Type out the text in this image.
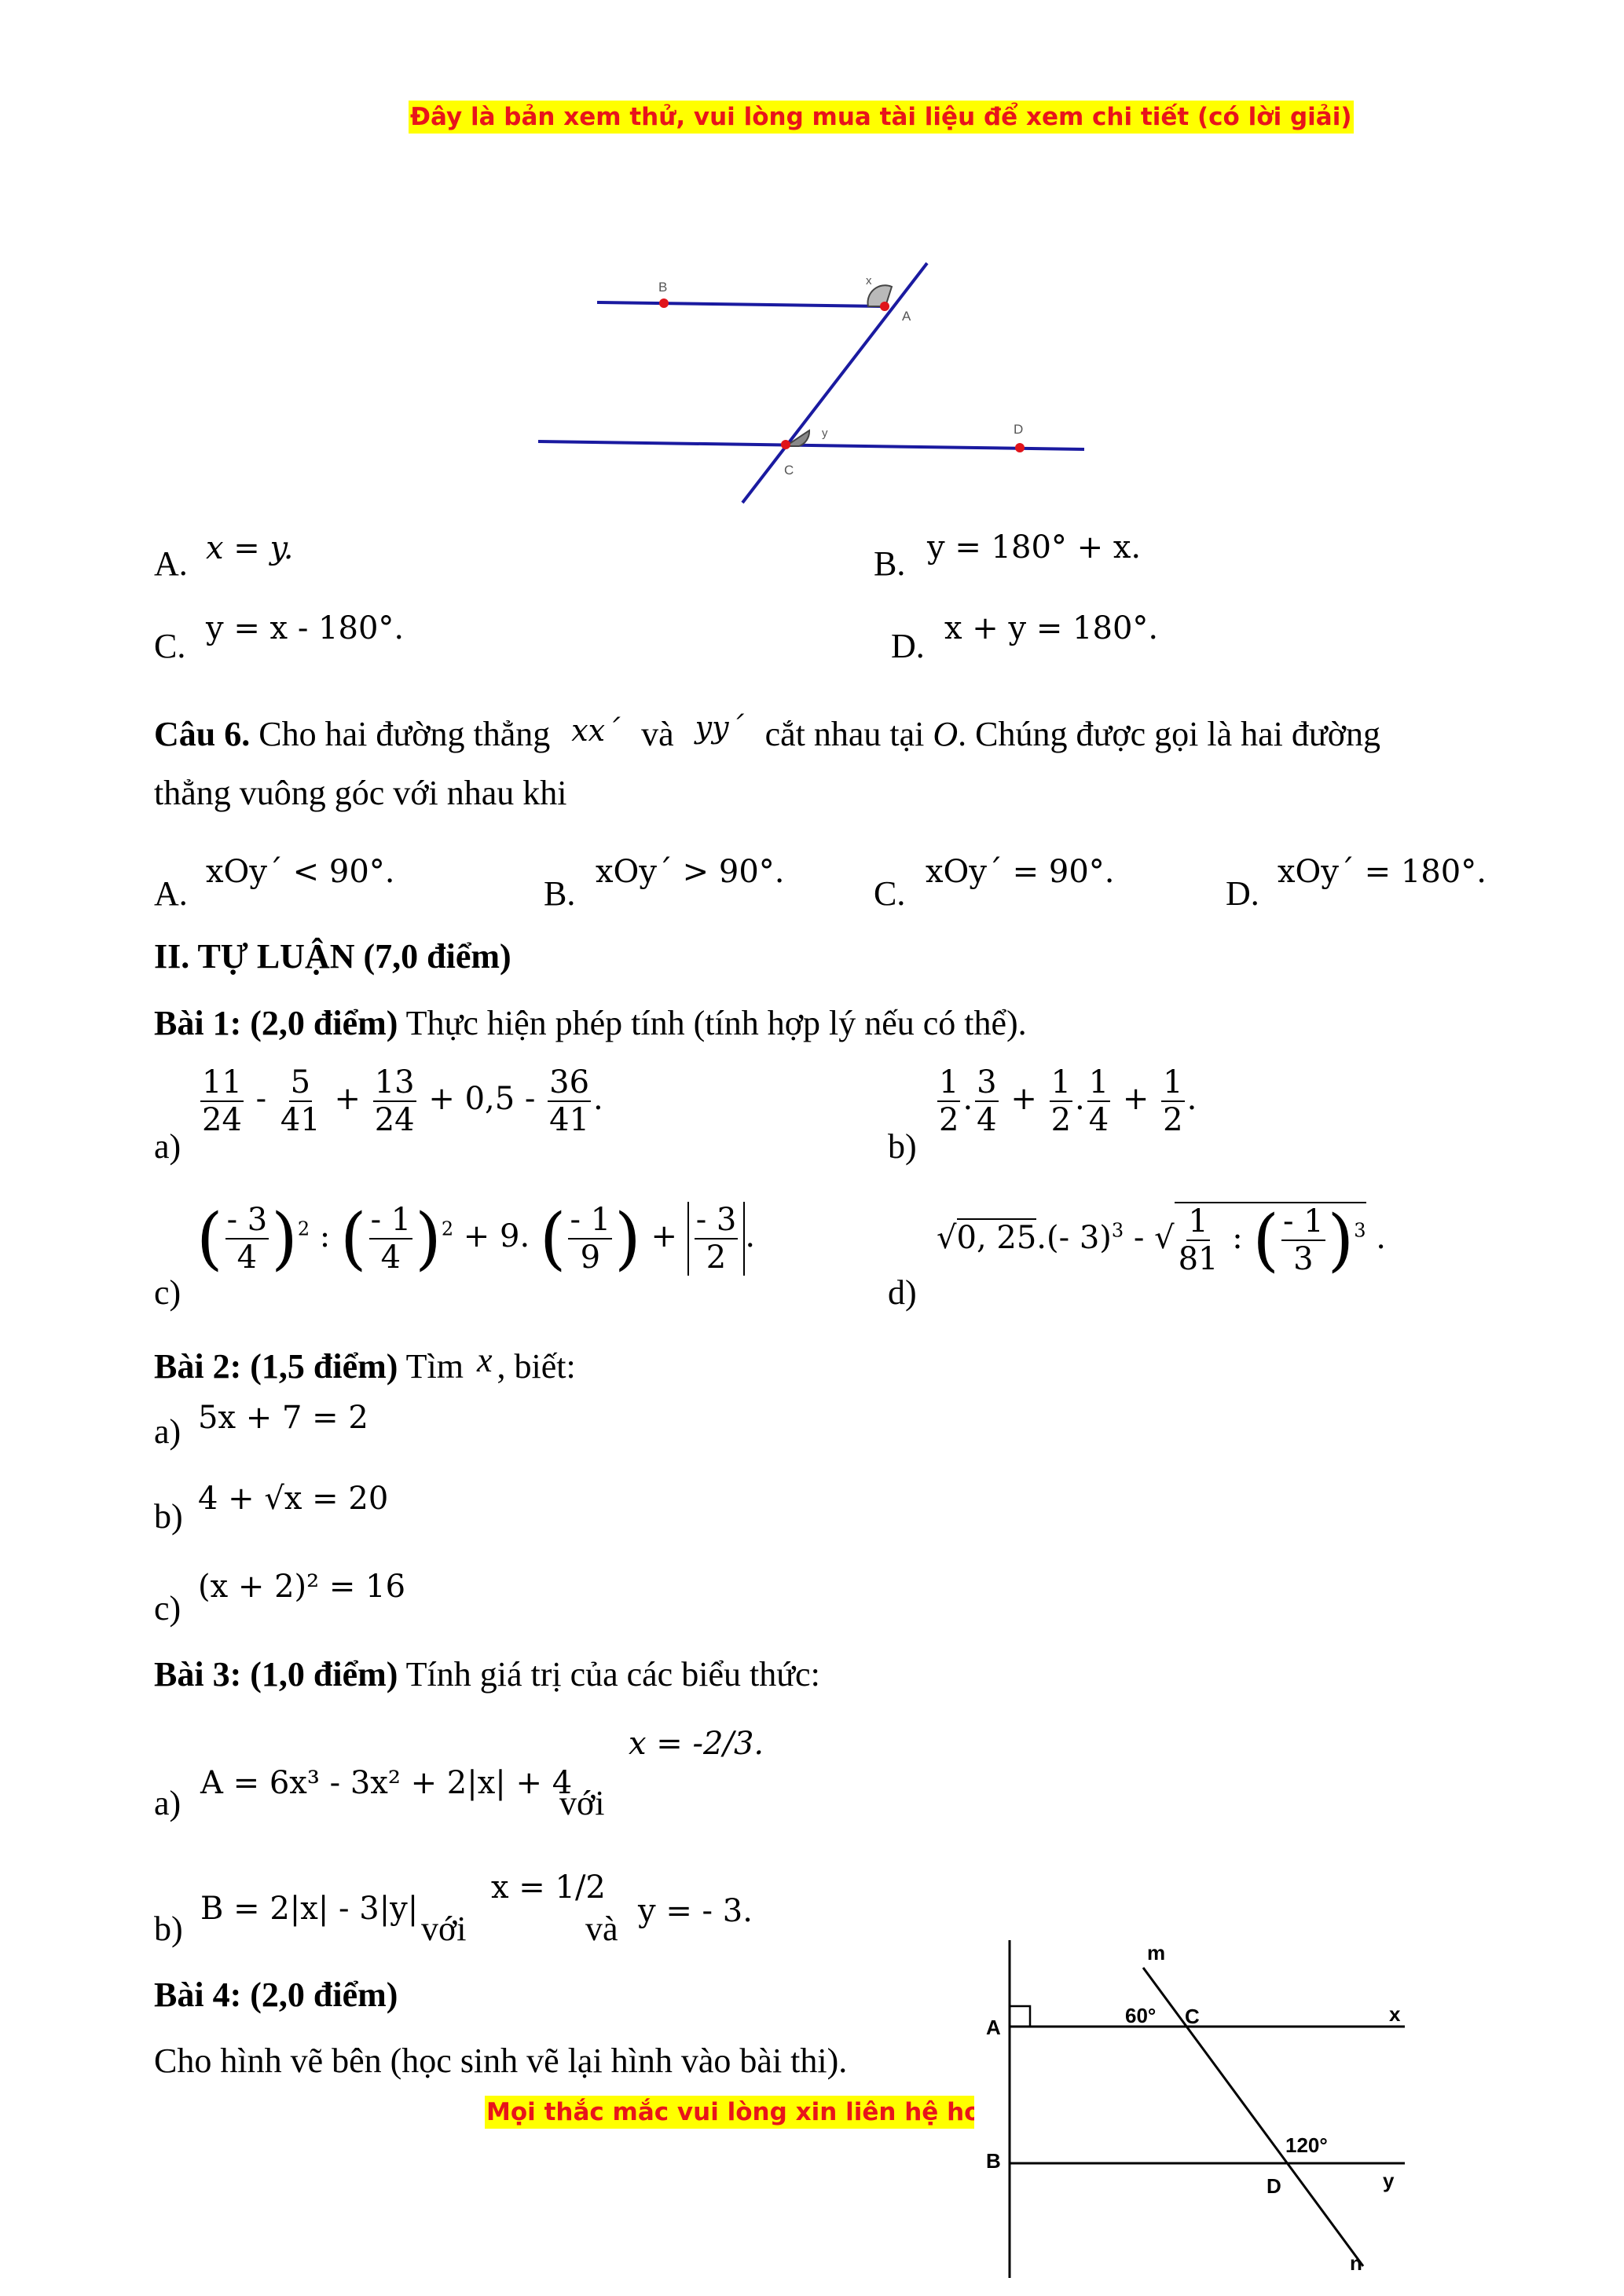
Đây là bản xem thử, vui lòng mua tài liệu để xem chi tiết (có lời giải)
B
A
C
D
x
y
A. x = y.	B. y = 180° + x.
C. y = x - 180°.	D. x + y = 180°.
Câu 6. Cho hai đường thẳng xx´ và yy´ cắt nhau tại O. Chúng được gọi là hai đường
thẳng vuông góc với nhau khi
A.
xOy´ < 90°.
B.
xOy´ > 90°.
C.
xOy´ = 90°.
D.
xOy´ = 180°.
II. TỰ LUẬN (7,0 điểm)
Bài 1: (2,0 điểm) Thực hiện phép tính (tính hợp lý nếu có thể).
a)
$\frac{11}{24} - \frac{5}{41} + \frac{13}{24} + 0,5 - \frac{36}{41}$ .
b)
$\frac{1}{2}$ . $\frac{3}{4} + \frac{1}{2}$ . $\frac{1}{4} + \frac{1}{2}$ .
c)
( $\frac{- 3}{4} )^2$ : ( $\frac{- 1}{4} )^2 + 9$. ( $\frac{- 1}{9}$ ) + $\frac{- 3}{2}$ .
d)
√0, 25.(- 3)$^3$ - √ $\frac{1}{81}$ : ( $\frac{- 1}{3} )^3$ .
Bài 2: (1,5 điểm) Tìm x , biết:
a) 5x + 7 = 2
b) 4 + √x = 20
c)
(x + 2)² = 16
Bài 3: (1,0 điểm) Tính giá trị của các biểu thức:
a)
A = 6x³ - 3x² + 2|x| + 4
với
x = -2/3.
b)
B = 2|x| - 3|y|
với
x = 1/2
và y = - 3.
Bài 4: (2,0 điểm)
Cho hình vẽ bên (học sinh vẽ lại hình vào bài thi).
Mọi thắc mắc vui lòng xin liên hệ hotlir
m
A	C	x
60°
B
120°
D	y
n
